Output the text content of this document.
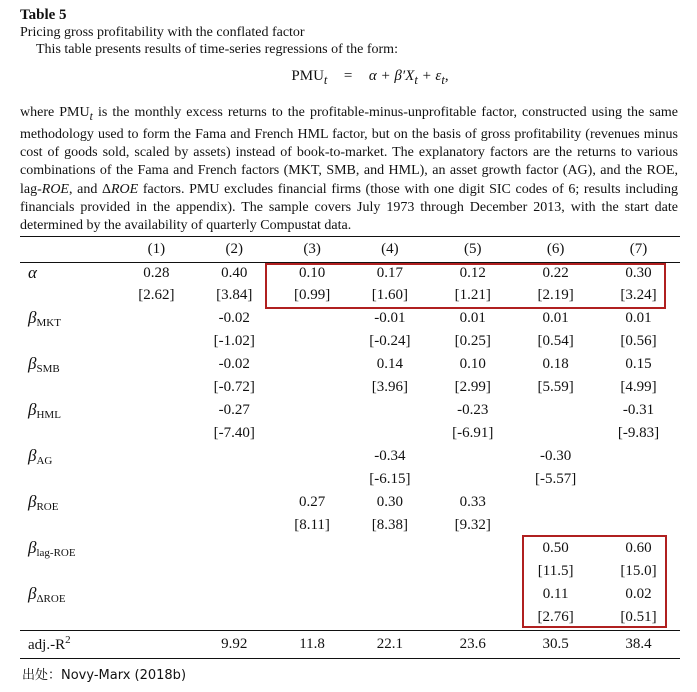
Table 5
Pricing gross profitability with the conflated factor
This table presents results of time-series regressions of the form:
$PMU_t = \alpha + \beta'X_t + \varepsilon_t$,
where $PMU_t$ is the monthly excess returns to the profitable-minus-unprofitable factor, constructed using the same methodology used to form the Fama and French HML factor, but on the basis of gross profitability (revenues minus cost of goods sold, scaled by assets) instead of book-to-market. The explanatory factors are the returns to various combinations of the Fama and French factors (MKT, SMB, and HML), an asset growth factor (AG), and the ROE, lag-ROE, and ΔROE factors. PMU excludes financial firms (those with one digit SIC codes of 6; results including financials provided in the appendix). The sample covers July 1973 through December 2013, with the start date determined by the availability of quarterly Compustat data.
	(1)	(2)	(3)	(4)	(5)	(6)	(7)
α	0.28	0.40	0.10	0.17	0.12	0.22	0.30
	[2.62]	[3.84]	[0.99]	[1.60]	[1.21]	[2.19]	[3.24]
$\beta_{MKT}$		-0.02		-0.01	0.01	0.01	0.01
		[-1.02]		[-0.24]	[0.25]	[0.54]	[0.56]
$\beta_{SMB}$		-0.02		0.14	0.10	0.18	0.15
		[-0.72]		[3.96]	[2.99]	[5.59]	[4.99]
$\beta_{HML}$		-0.27			-0.23		-0.31
		[-7.40]			[-6.91]		[-9.83]
$\beta_{AG}$				-0.34		-0.30	
				[-6.15]		[-5.57]	
$\beta_{ROE}$			0.27	0.30	0.33		
			[8.11]	[8.38]	[9.32]		
$\beta_{lag-ROE}$						0.50	0.60
						[11.5]	[15.0]
$\beta_{\Delta ROE}$						0.11	0.02
						[2.76]	[0.51]
$adj.-R^2$		9.92	11.8	22.1	23.6	30.5	38.4
出处：Novy-Marx (2018b)
